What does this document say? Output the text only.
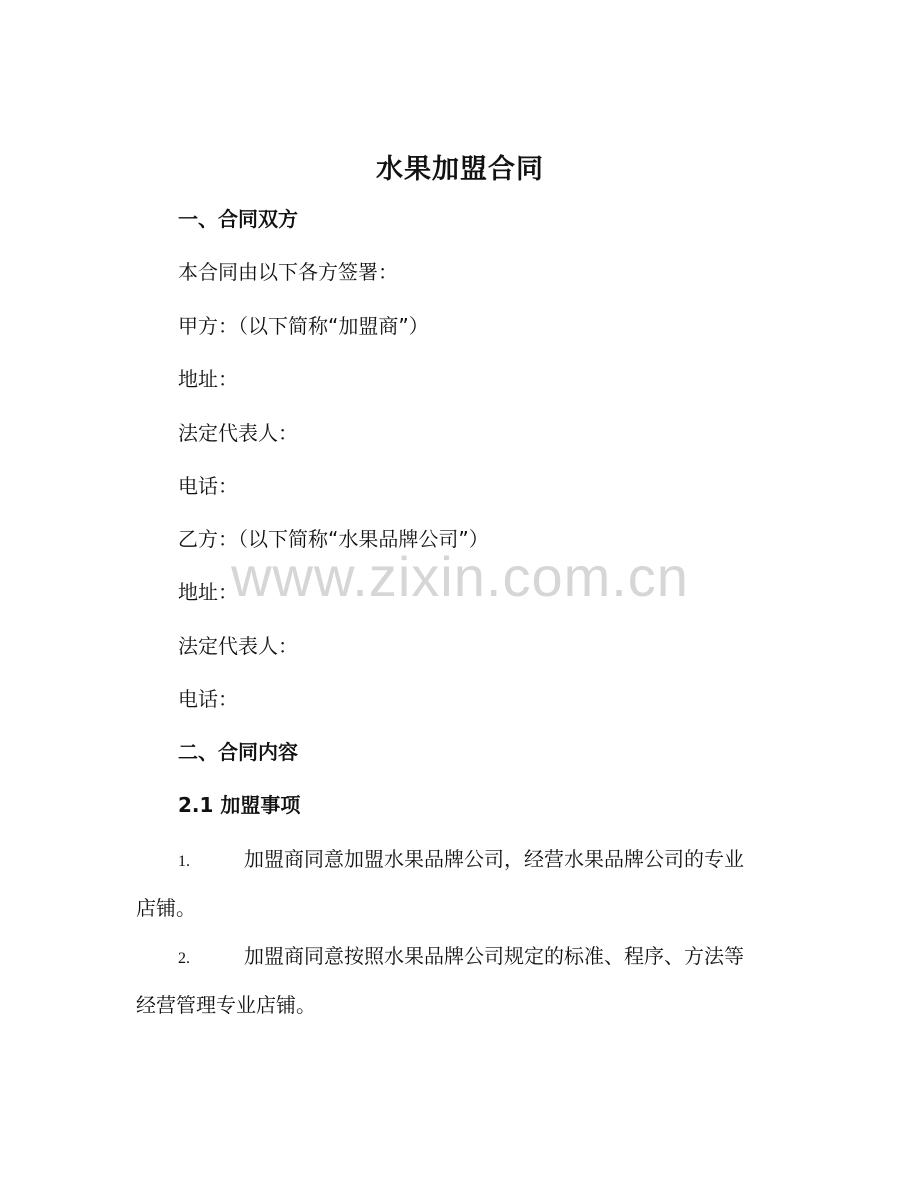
水果加盟合同
一、合同双方
本合同由以下各方签署：
甲方：（以下简称“加盟商”）
地址：
法定代表人：
电话：
乙方：（以下简称“水果品牌公司”）
地址：
法定代表人：
电话：
二、合同内容
2.1 加盟事项
1.	加盟商同意加盟水果品牌公司，经营水果品牌公司的专业
店铺。
2.	加盟商同意按照水果品牌公司规定的标准、程序、方法等
经营管理专业店铺。
www.zixin.com.cn
